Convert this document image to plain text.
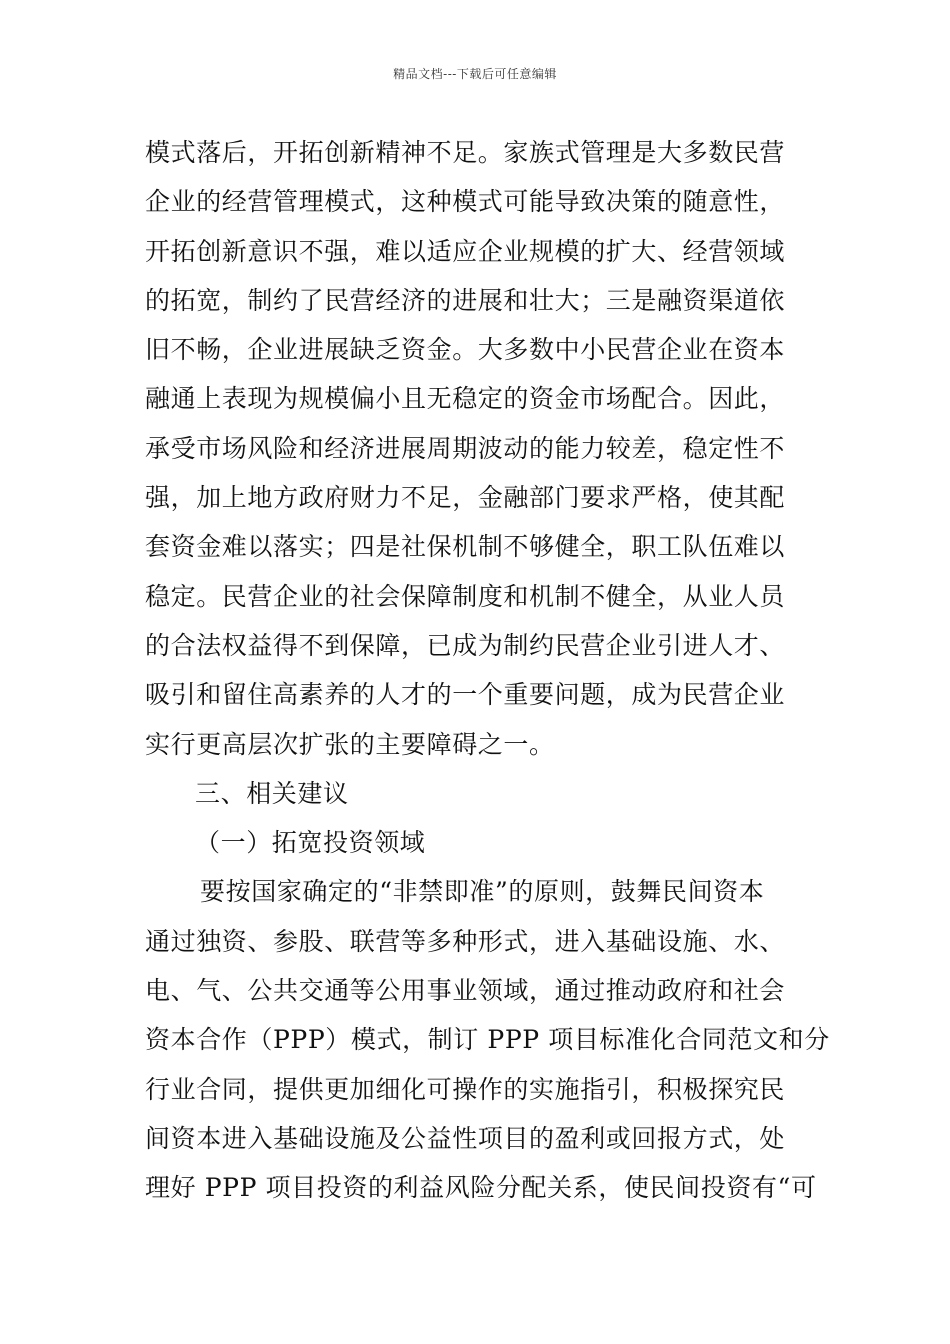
精品文档---下载后可任意编辑
模式落后，开拓创新精神不足。家族式管理是大多数民营
企业的经营管理模式，这种模式可能导致决策的随意性，
开拓创新意识不强，难以适应企业规模的扩大、经营领域
的拓宽，制约了民营经济的进展和壮大；三是融资渠道依
旧不畅，企业进展缺乏资金。大多数中小民营企业在资本
融通上表现为规模偏小且无稳定的资金市场配合。因此，
承受市场风险和经济进展周期波动的能力较差，稳定性不
强，加上地方政府财力不足，金融部门要求严格，使其配
套资金难以落实；四是社保机制不够健全，职工队伍难以
稳定。民营企业的社会保障制度和机制不健全，从业人员
的合法权益得不到保障，已成为制约民营企业引进人才、
吸引和留住高素养的人才的一个重要问题，成为民营企业
实行更高层次扩张的主要障碍之一。
三、相关建议
（一）拓宽投资领域
要按国家确定的“非禁即准”的原则，鼓舞民间资本
通过独资、参股、联营等多种形式，进入基础设施、水、
电、气、公共交通等公用事业领域，通过推动政府和社会
资本合作（PPP）模式，制订 PPP 项目标准化合同范文和分
行业合同，提供更加细化可操作的实施指引，积极探究民
间资本进入基础设施及公益性项目的盈利或回报方式，处
理好 PPP 项目投资的利益风险分配关系，使民间投资有“可
